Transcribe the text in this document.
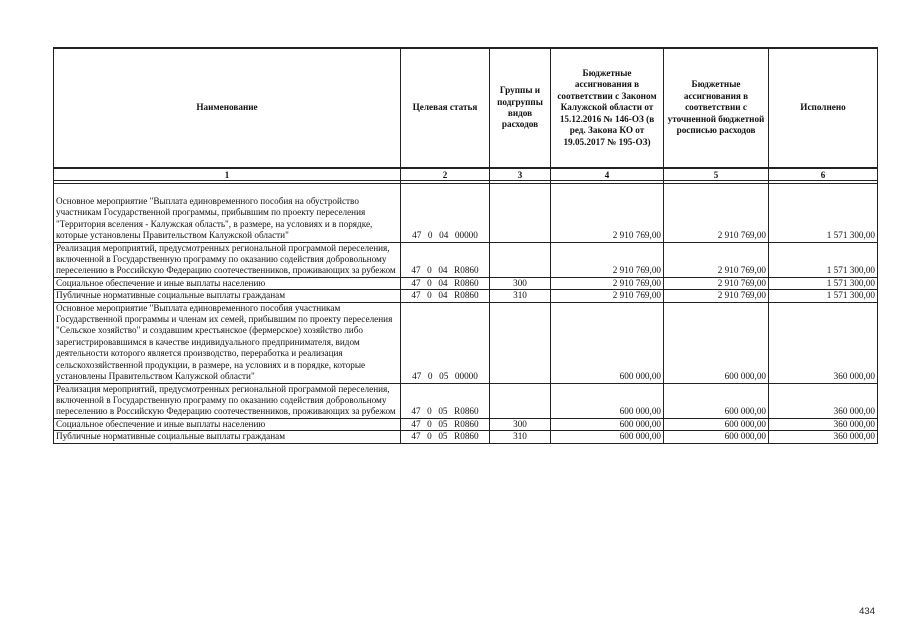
Наименование	Целевая статья	Группы и подгруппы видов расходов	Бюджетные ассигнования в соответствии с Законом Калужской области от 15.12.2016 № 146-ОЗ (в ред. Закона КО от 19.05.2017 № 195-ОЗ)	Бюджетные ассигнования в соответствии с уточненной бюджетной росписью расходов	Исполнено
1	2	3	4	5	6

Основное мероприятие "Выплата единовременного пособия на обустройство участникам Государственной программы, прибывшим по проекту переселения "Территория вселения - Калужская область", в размере, на условиях и в порядке, которые установлены Правительством Калужской области"	47  0  04  00000		2 910 769,00	2 910 769,00	1 571 300,00
Реализация мероприятий, предусмотренных региональной программой переселения, включенной в Государственную программу по оказанию содействия добровольному переселению в Российскую Федерацию соотечественников, проживающих за рубежом	47  0  04  R0860		2 910 769,00	2 910 769,00	1 571 300,00
Социальное обеспечение и иные выплаты населению	47  0  04  R0860	300	2 910 769,00	2 910 769,00	1 571 300,00
Публичные нормативные социальные выплаты гражданам	47  0  04  R0860	310	2 910 769,00	2 910 769,00	1 571 300,00
Основное мероприятие "Выплата единовременного пособия участникам Государственной программы и членам их семей, прибывшим по проекту переселения "Сельское хозяйство" и создавшим крестьянское (фермерское) хозяйство либо зарегистрировавшимся в качестве индивидуального предпринимателя, видом деятельности которого является производство, переработка и реализация сельскохозяйственной продукции, в размере, на условиях и в порядке, которые установлены Правительством Калужской области"	47  0  05  00000		600 000,00	600 000,00	360 000,00
Реализация мероприятий, предусмотренных региональной программой переселения, включенной в Государственную программу по оказанию содействия добровольному переселению в Российскую Федерацию соотечественников, проживающих за рубежом	47  0  05  R0860		600 000,00	600 000,00	360 000,00
Социальное обеспечение и иные выплаты населению	47  0  05  R0860	300	600 000,00	600 000,00	360 000,00
Публичные нормативные социальные выплаты гражданам	47  0  05  R0860	310	600 000,00	600 000,00	360 000,00
434
